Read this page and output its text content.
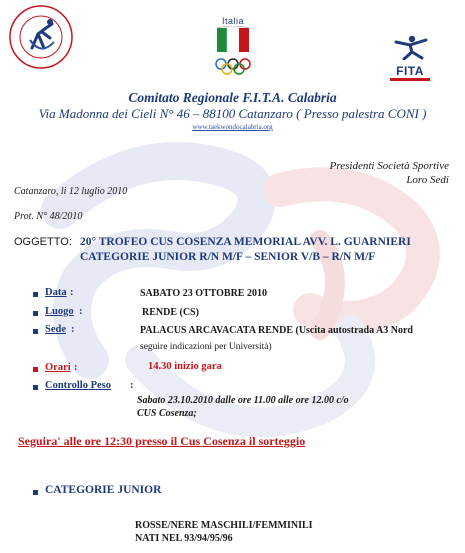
Italia
FITA
Comitato Regionale F.I.T.A. Calabria
Via Madonna dei Cieli N° 46 – 88100 Catanzaro ( Presso palestra CONI )
www.taekwondocalabria.org
Presidenti Società Sportive
Loro Sedi
Catanzaro, li 12 luglio 2010
Prot. N° 48/2010
OGGETTO: 20° TROFEO CUS COSENZA MEMORIAL AVV. L. GUARNIERI
CATEGORIE JUNIOR R/N M/F – SENIOR V/B – R/N M/F
Data :	SABATO 23 OTTOBRE 2010
Luogo :	RENDE (CS)
Sede :	PALACUS ARCAVACATA RENDE (Uscita autostrada A3 Nord
seguire indicazioni per Università)
Orari :	14.30 inizio gara
Controllo Peso :
Sabato 23.10.2010 dalle ore 11.00 alle ore 12.00 c/o
CUS Cosenza;
Seguira' alle ore 12:30 presso il Cus Cosenza il sorteggio
CATEGORIE JUNIOR
ROSSE/NERE MASCHILI/FEMMINILI
NATI NEL 93/94/95/96
